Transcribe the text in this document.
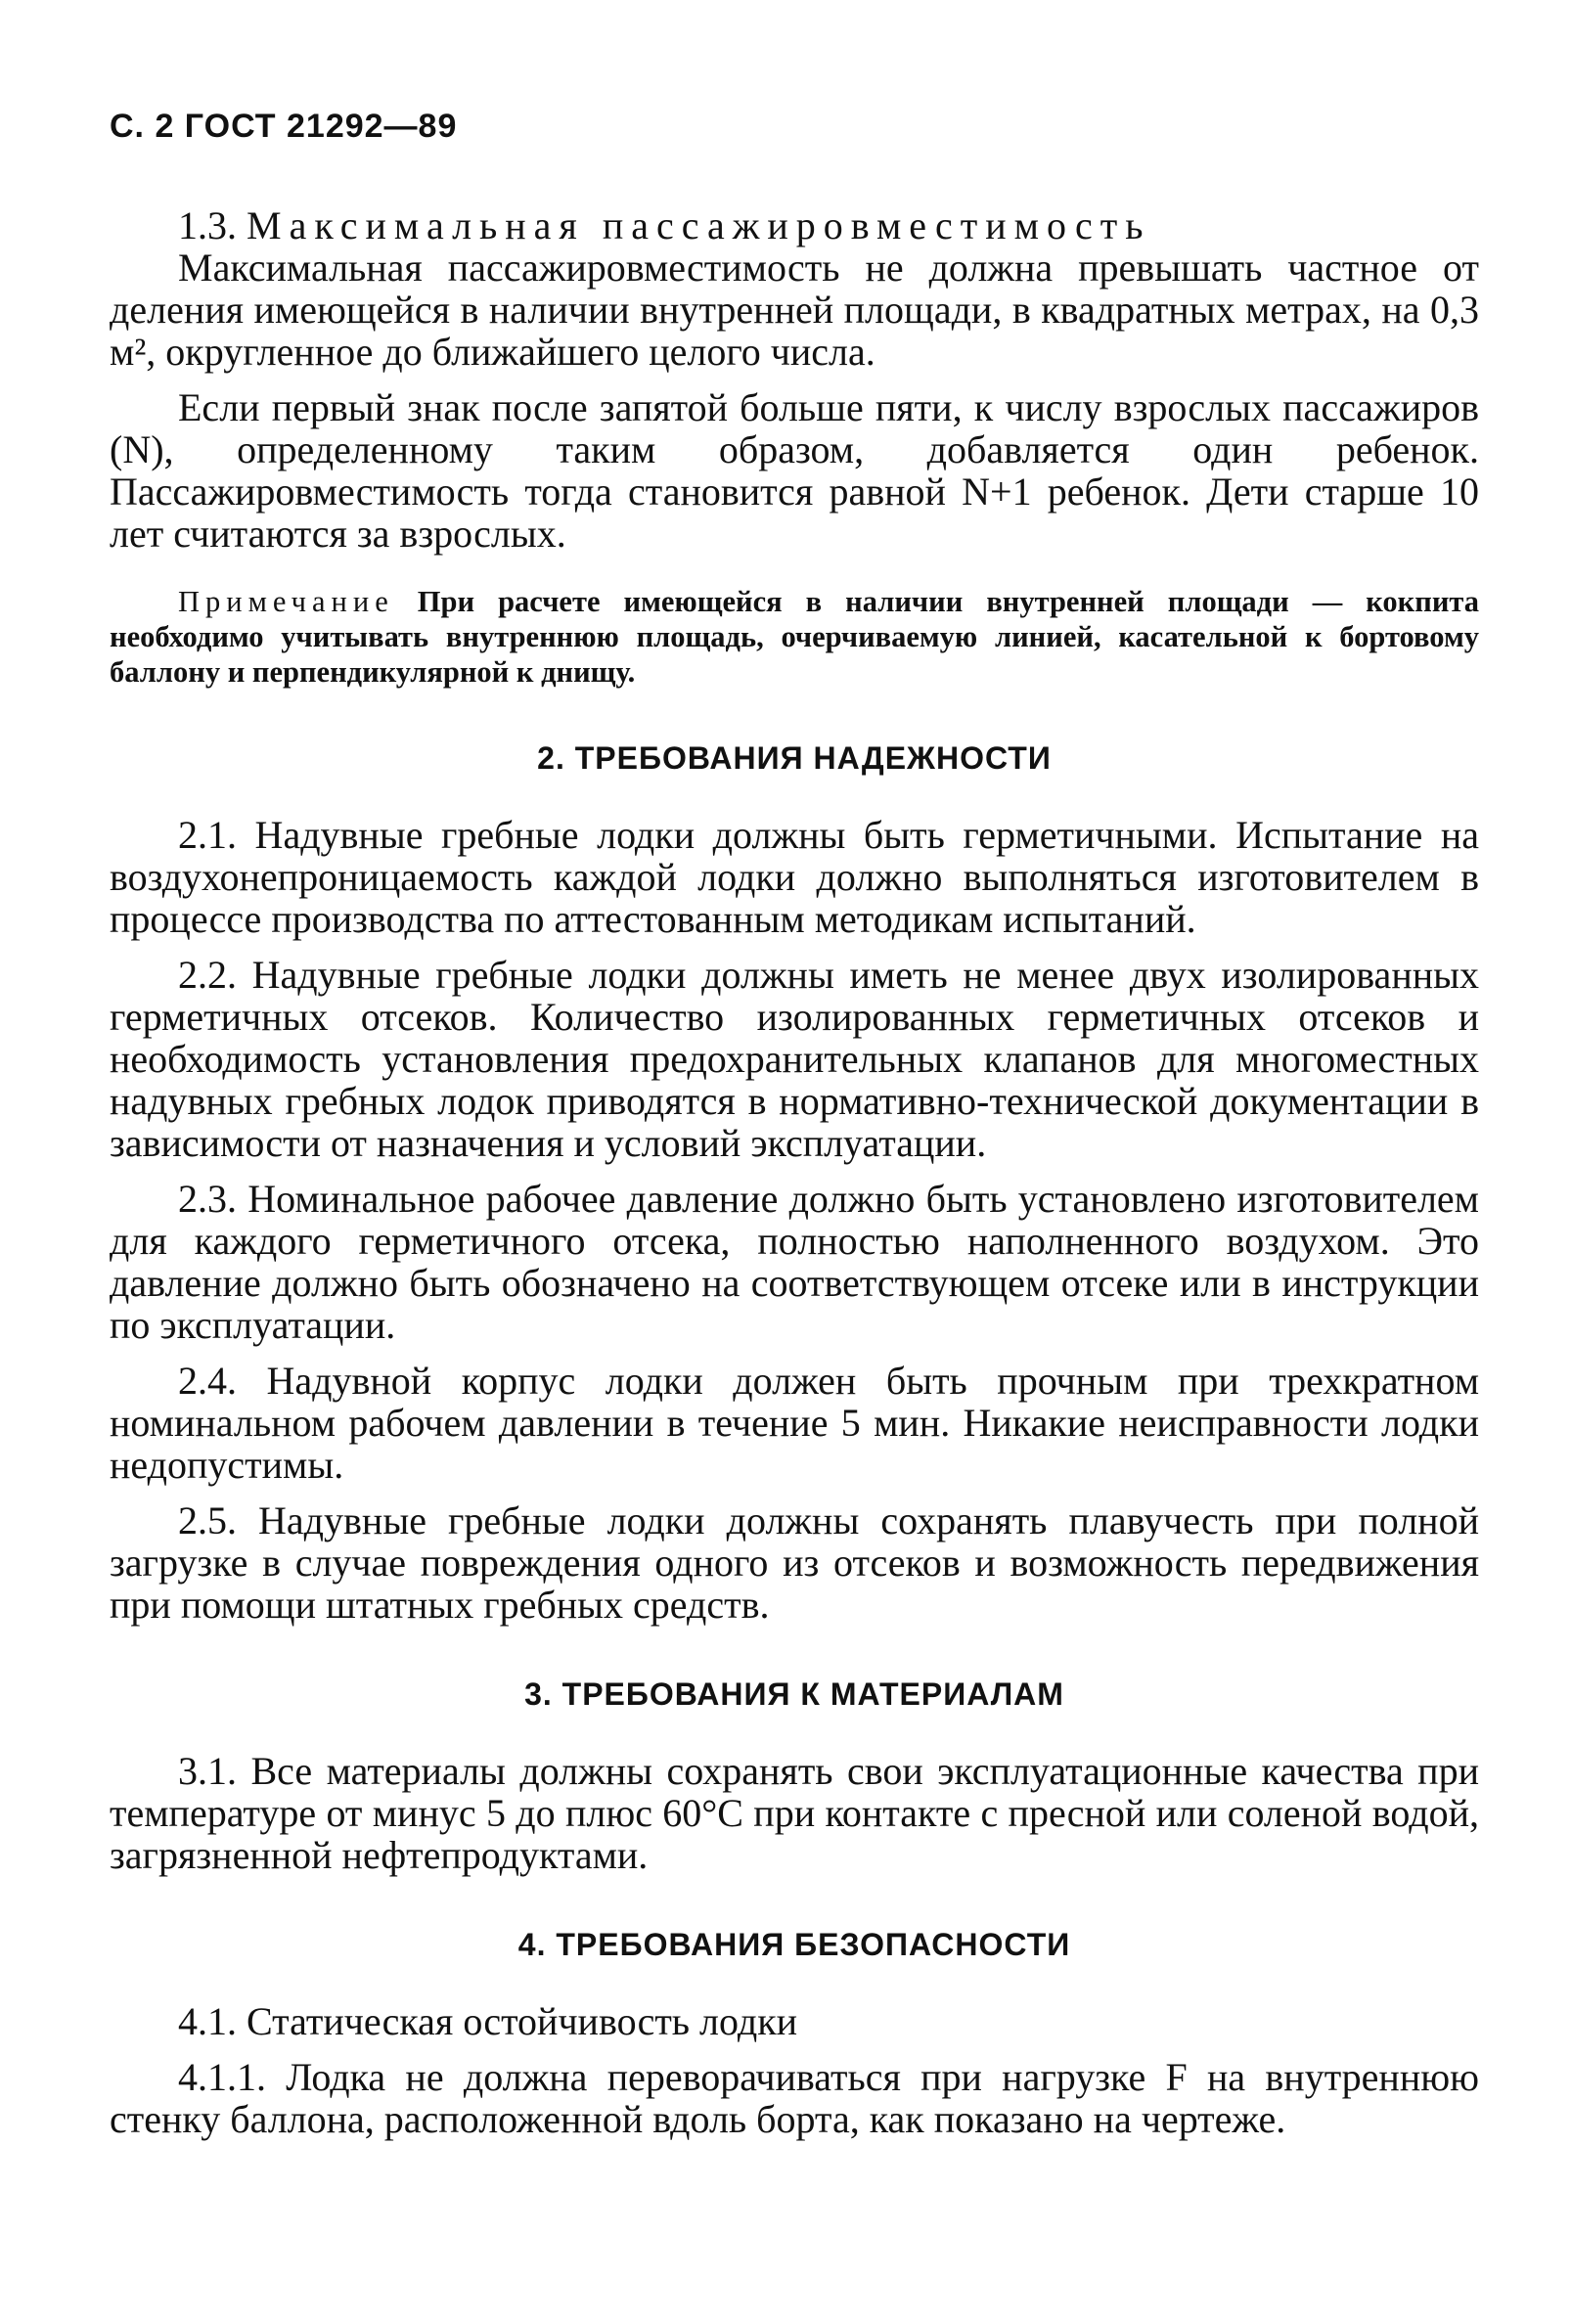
С. 2 ГОСТ 21292—89

1.3. Максимальная пассажировместимость

Максимальная пассажировместимость не должна превышать частное от деления имеющейся в наличии внутренней площади, в квадратных метрах, на 0,3 м², округленное до ближайшего целого числа.

Если первый знак после запятой больше пяти, к числу взрослых пассажиров (N), определенному таким образом, добавляется один ребенок. Пассажировместимость тогда становится равной N+1 ребенок. Дети старше 10 лет считаются за взрослых.

Примечание При расчете имеющейся в наличии внутренней площади — кокпита необходимо учитывать внутреннюю площадь, очерчиваемую линией, касательной к бортовому баллону и перпендикулярной к днищу.

2. ТРЕБОВАНИЯ НАДЕЖНОСТИ

2.1. Надувные гребные лодки должны быть герметичными. Испытание на воздухонепроницаемость каждой лодки должно выполняться изготовителем в процессе производства по аттестованным методикам испытаний.

2.2. Надувные гребные лодки должны иметь не менее двух изолированных герметичных отсеков. Количество изолированных герметичных отсеков и необходимость установления предохранительных клапанов для многоместных надувных гребных лодок приводятся в нормативно-технической документации в зависимости от назначения и условий эксплуатации.

2.3. Номинальное рабочее давление должно быть установлено изготовителем для каждого герметичного отсека, полностью наполненного воздухом. Это давление должно быть обозначено на соответствующем отсеке или в инструкции по эксплуатации.

2.4. Надувной корпус лодки должен быть прочным при трехкратном номинальном рабочем давлении в течение 5 мин. Никакие неисправности лодки недопустимы.

2.5. Надувные гребные лодки должны сохранять плавучесть при полной загрузке в случае повреждения одного из отсеков и возможность передвижения при помощи штатных гребных средств.

3. ТРЕБОВАНИЯ К МАТЕРИАЛАМ

3.1. Все материалы должны сохранять свои эксплуатационные качества при температуре от минус 5 до плюс 60°С при контакте с пресной или соленой водой, загрязненной нефтепродуктами.

4. ТРЕБОВАНИЯ БЕЗОПАСНОСТИ

4.1. Статическая остойчивость лодки

4.1.1. Лодка не должна переворачиваться при нагрузке F на внутреннюю стенку баллона, расположенной вдоль борта, как показано на чертеже.
